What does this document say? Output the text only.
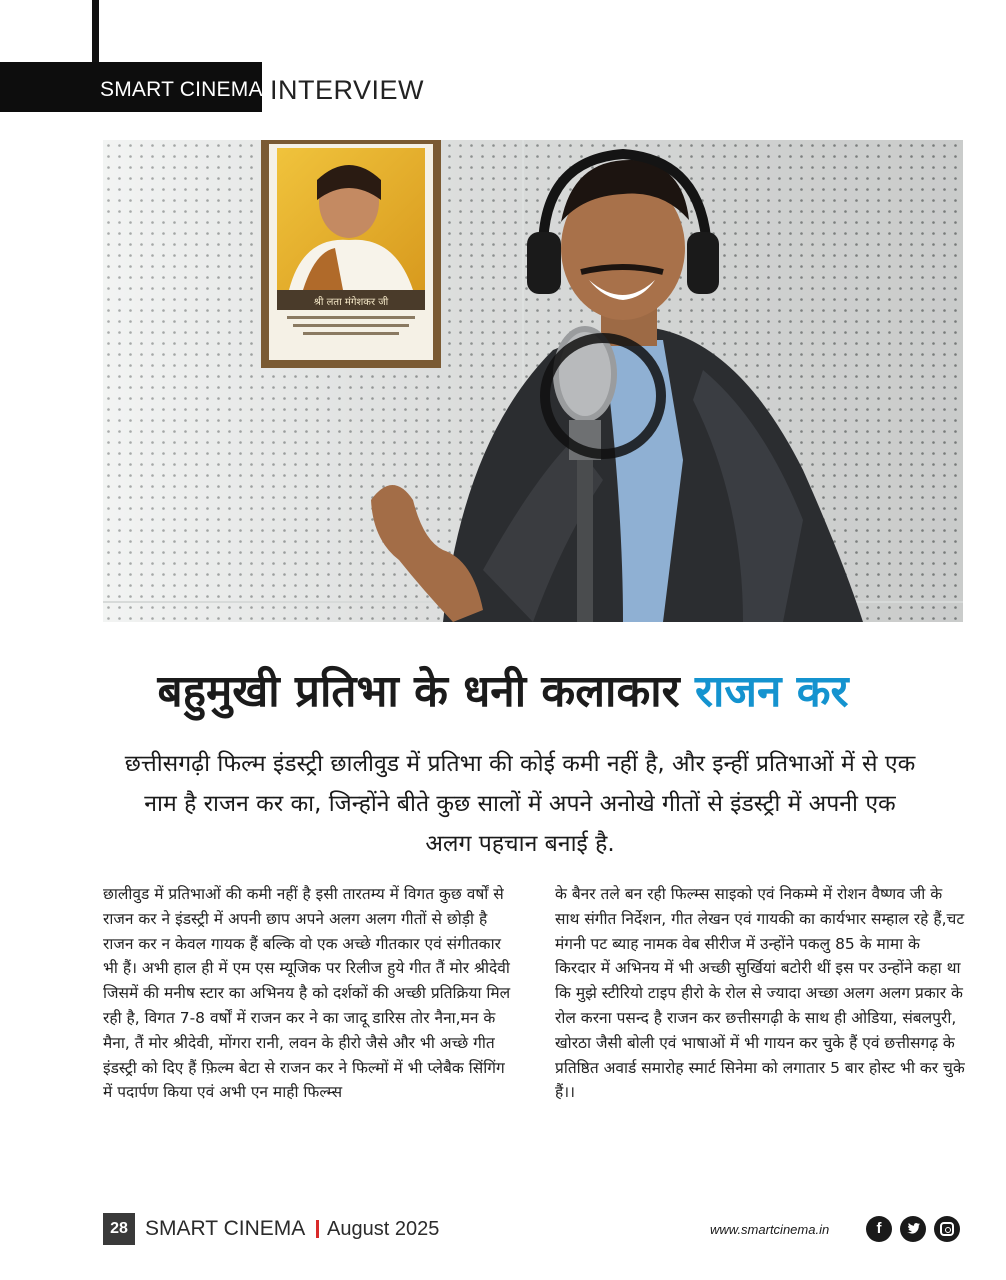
SMART CINEMA INTERVIEW
श्री लता मंगेशकर जी
बहुमुखी प्रतिभा के धनी कलाकार राजन कर
छत्तीसगढ़ी फिल्म इंडस्ट्री छालीवुड में प्रतिभा की कोई कमी नहीं है, और इन्हीं प्रतिभाओं में से एक नाम है राजन कर का, जिन्होंने बीते कुछ सालों में अपने अनोखे गीतों से इंडस्ट्री में अपनी एक अलग पहचान बनाई है.
छालीवुड में प्रतिभाओं की कमी नहीं है इसी तारतम्य में विगत कुछ वर्षों से राजन कर ने इंडस्ट्री में अपनी छाप अपने अलग अलग गीतों से छोड़ी है राजन कर न केवल गायक हैं बल्कि वो एक अच्छे गीतकार एवं संगीतकार भी हैं। अभी हाल ही में एम एस म्यूजिक पर रिलीज हुये गीत तैं मोर श्रीदेवी जिसमें की मनीष स्टार का अभिनय है को दर्शकों की अच्छी प्रतिक्रिया मिल रही है, विगत 7-8 वर्षों में राजन कर ने का जादू डारिस तोर नैना,मन के मैना, तैं मोर श्रीदेवी, मोंगरा रानी, लवन के हीरो जैसे और भी अच्छे गीत इंडस्ट्री को दिए हैं फ़िल्म बेटा से राजन कर ने फिल्मों में भी प्लेबैक सिंगिंग में पदार्पण किया एवं अभी एन माही फिल्म्स
के बैनर तले बन रही फिल्म्स साइको एवं निकम्मे में रोशन वैष्णव जी के साथ संगीत निर्देशन, गीत लेखन एवं गायकी का कार्यभार सम्हाल रहे हैं,चट मंगनी पट ब्याह नामक वेब सीरीज में उन्होंने पकलु 85 के मामा के किरदार में अभिनय में भी अच्छी सुर्खियां बटोरी थीं इस पर उन्होंने कहा था कि मुझे स्टीरियो टाइप हीरो के रोल से ज्यादा अच्छा अलग अलग प्रकार के रोल करना पसन्द है राजन कर छत्तीसगढ़ी के साथ ही ओडिया, संबलपुरी, खोरठा जैसी बोली एवं भाषाओं में भी गायन कर चुके हैं एवं छत्तीसगढ़ के प्रतिष्ठित अवार्ड समारोह स्मार्ट सिनेमा को लगातार 5 बार होस्ट भी कर चुके हैं।।
28 SMART CINEMA August 2025	www.smartcinema.in	f
